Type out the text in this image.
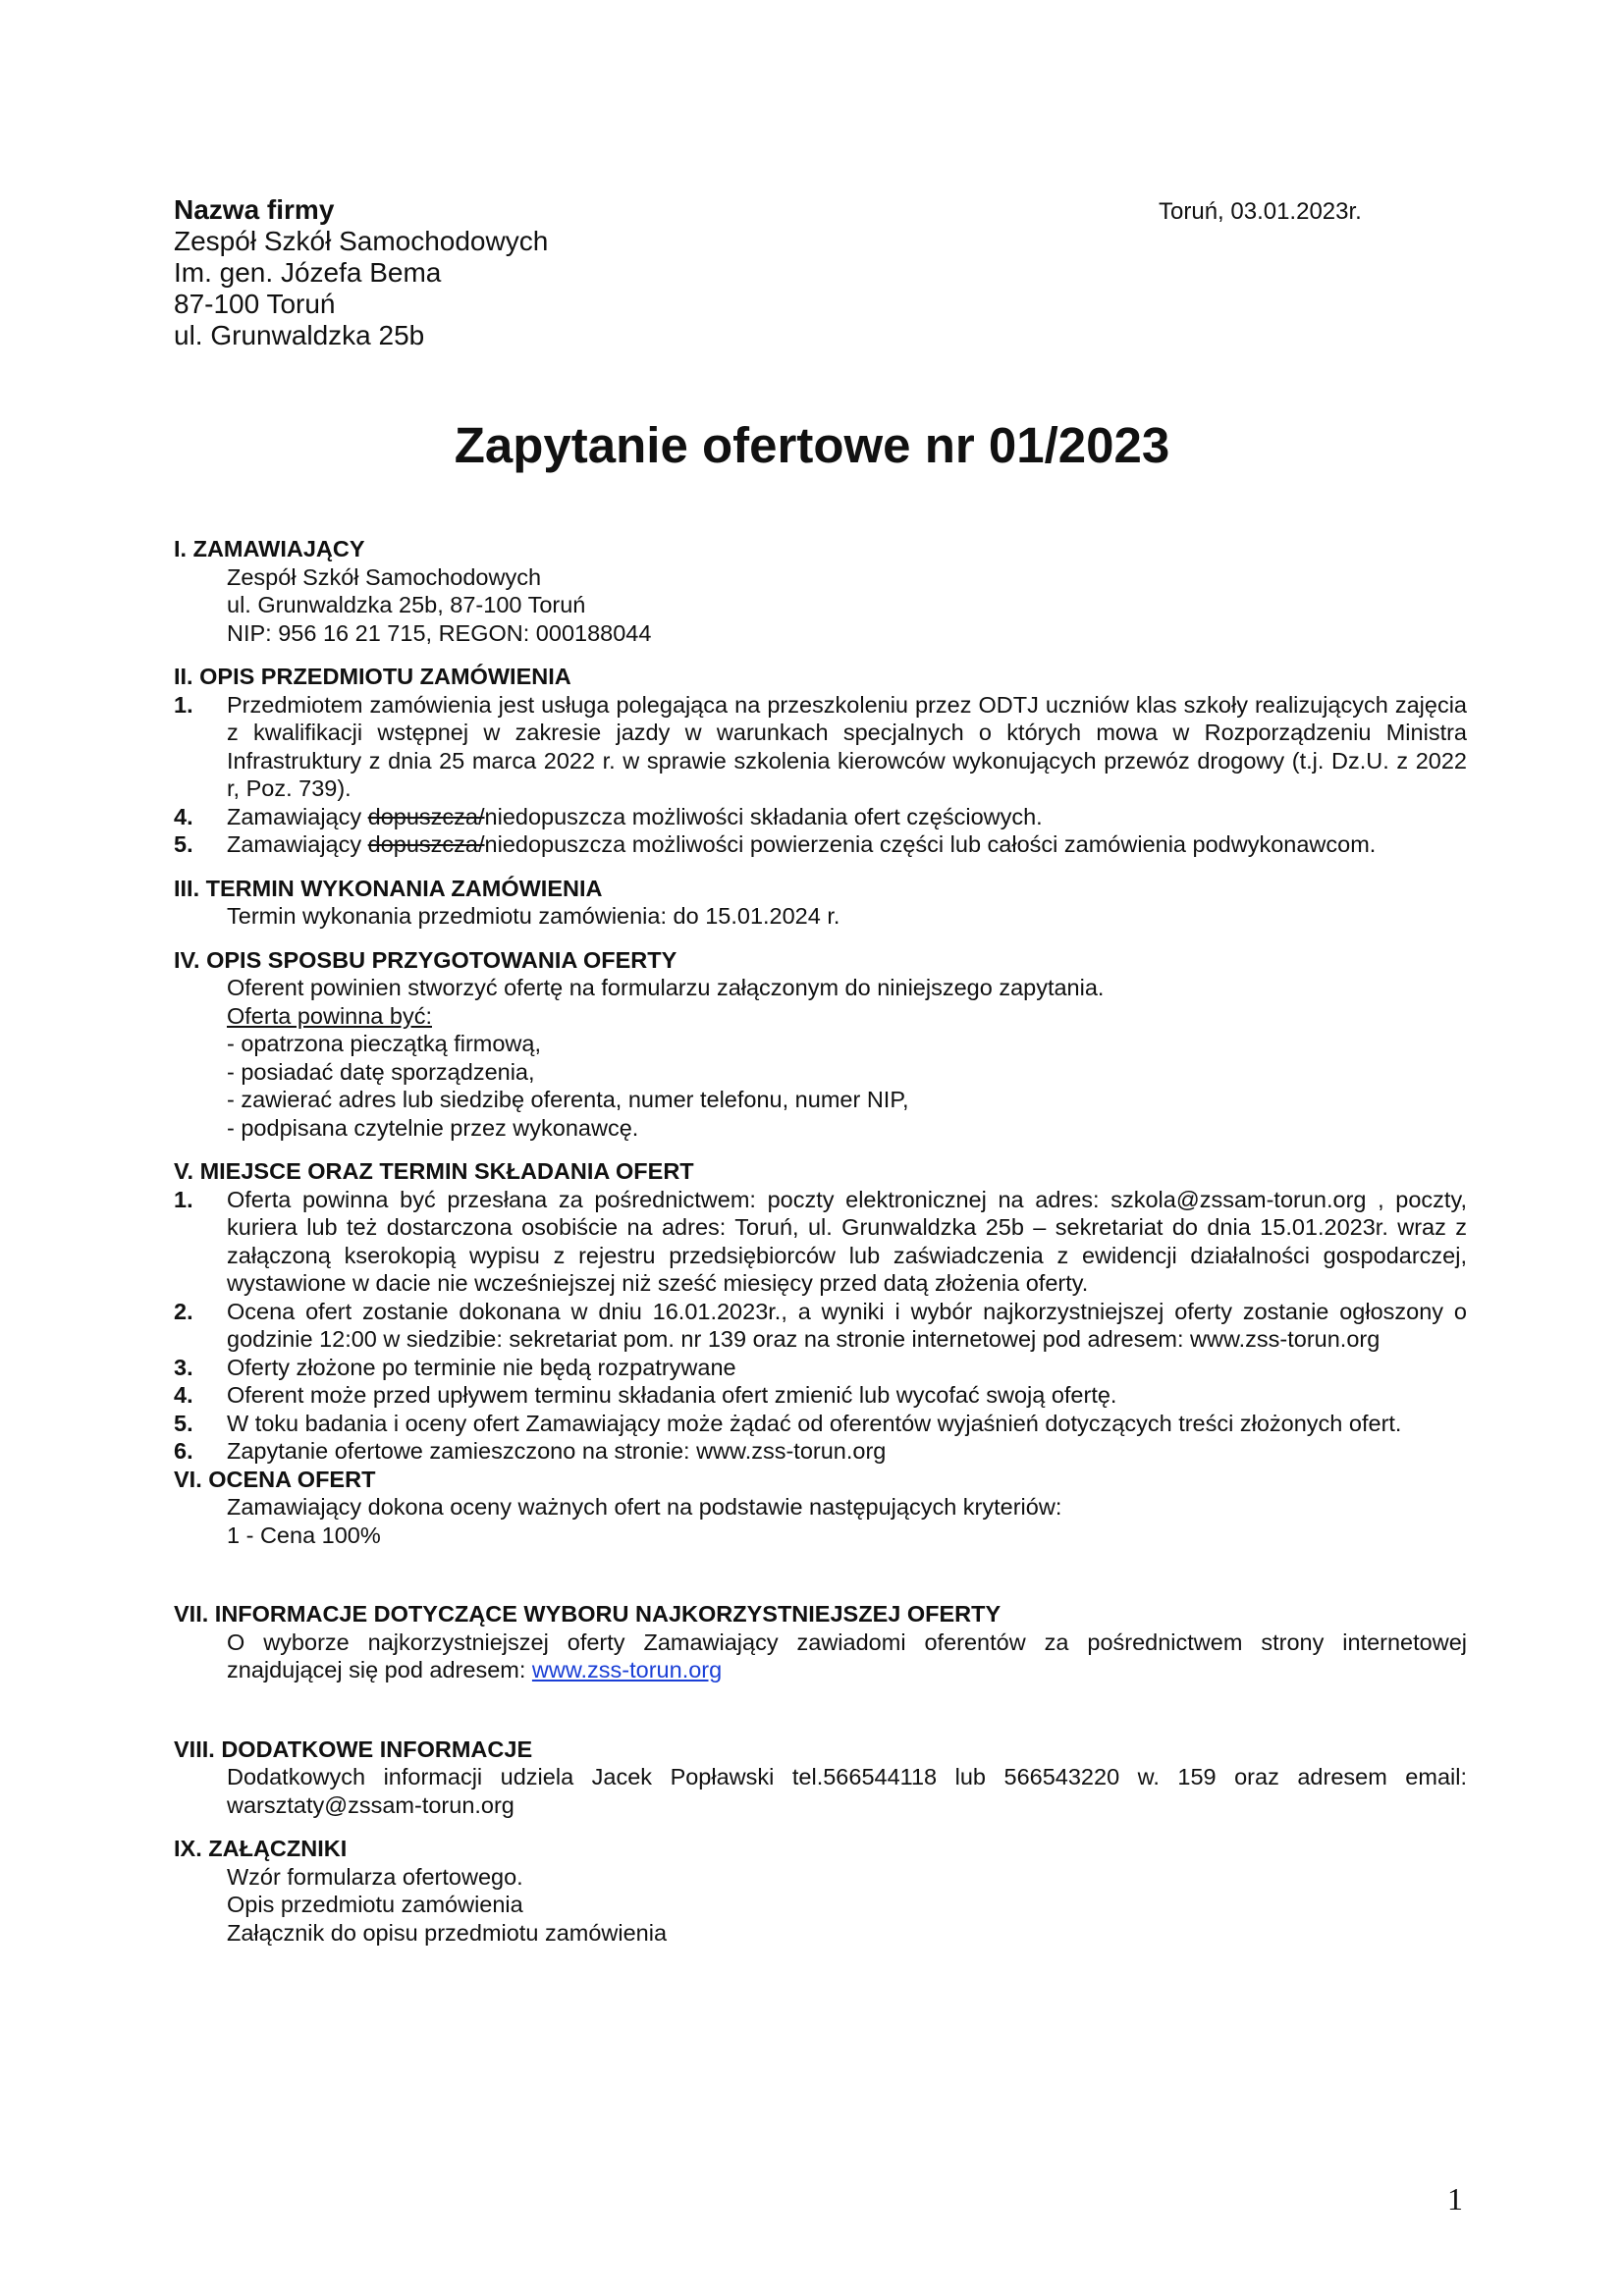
Nazwa firmy
Zespół Szkół Samochodowych
Im. gen. Józefa Bema
87-100 Toruń
ul. Grunwaldzka 25b
Toruń, 03.01.2023r.
Zapytanie ofertowe nr 01/2023
I. ZAMAWIAJĄCY
Zespół Szkół Samochodowych
ul. Grunwaldzka 25b, 87-100 Toruń
NIP: 956 16 21 715, REGON: 000188044
II. OPIS PRZEDMIOTU ZAMÓWIENIA
1.	Przedmiotem zamówienia jest usługa polegająca na przeszkoleniu przez ODTJ uczniów klas szkoły realizujących zajęcia z kwalifikacji wstępnej w zakresie jazdy w warunkach specjalnych o których mowa w Rozporządzeniu Ministra Infrastruktury z dnia 25 marca 2022 r. w sprawie szkolenia kierowców wykonujących przewóz drogowy (t.j. Dz.U. z 2022 r, Poz. 739).
4.	Zamawiający dopuszcza/niedopuszcza możliwości składania ofert częściowych.
5.	Zamawiający dopuszcza/niedopuszcza możliwości powierzenia części lub całości zamówienia podwykonawcom.
III. TERMIN WYKONANIA ZAMÓWIENIA
Termin wykonania przedmiotu zamówienia: do 15.01.2024 r.
IV. OPIS SPOSBU PRZYGOTOWANIA OFERTY
Oferent powinien stworzyć ofertę na formularzu załączonym do niniejszego zapytania.
Oferta powinna być:
- opatrzona pieczątką firmową,
- posiadać datę sporządzenia,
- zawierać adres lub siedzibę oferenta, numer telefonu, numer NIP,
- podpisana czytelnie przez wykonawcę.
V. MIEJSCE ORAZ TERMIN SKŁADANIA OFERT
1.	Oferta powinna być przesłana za pośrednictwem: poczty elektronicznej na adres: szkola@zssam-torun.org , poczty, kuriera lub też dostarczona osobiście na adres: Toruń, ul. Grunwaldzka 25b – sekretariat do dnia 15.01.2023r. wraz z załączoną kserokopią wypisu z rejestru przedsiębiorców lub zaświadczenia z ewidencji działalności gospodarczej, wystawione w dacie nie wcześniejszej niż sześć miesięcy przed datą złożenia oferty.
2.	Ocena ofert zostanie dokonana w dniu 16.01.2023r., a wyniki i wybór najkorzystniejszej oferty zostanie ogłoszony o godzinie 12:00 w siedzibie: sekretariat pom. nr 139 oraz na stronie internetowej pod adresem: www.zss-torun.org
3.	Oferty złożone po terminie nie będą rozpatrywane
4.	Oferent może przed upływem terminu składania ofert zmienić lub wycofać swoją ofertę.
5.	W toku badania i oceny ofert Zamawiający może żądać od oferentów wyjaśnień dotyczących treści złożonych ofert.
6.	Zapytanie ofertowe zamieszczono na stronie: www.zss-torun.org
VI. OCENA OFERT
Zamawiający dokona oceny ważnych ofert na podstawie następujących kryteriów:
1 - Cena 100%
VII. INFORMACJE DOTYCZĄCE WYBORU NAJKORZYSTNIEJSZEJ OFERTY
O wyborze najkorzystniejszej oferty Zamawiający zawiadomi oferentów za pośrednictwem strony internetowej znajdującej się pod adresem: www.zss-torun.org
VIII. DODATKOWE INFORMACJE
Dodatkowych informacji udziela Jacek Popławski tel.566544118 lub 566543220 w. 159 oraz adresem email: warsztaty@zssam-torun.org
IX. ZAŁĄCZNIKI
Wzór formularza ofertowego.
Opis przedmiotu zamówienia
Załącznik do opisu przedmiotu zamówienia
1
